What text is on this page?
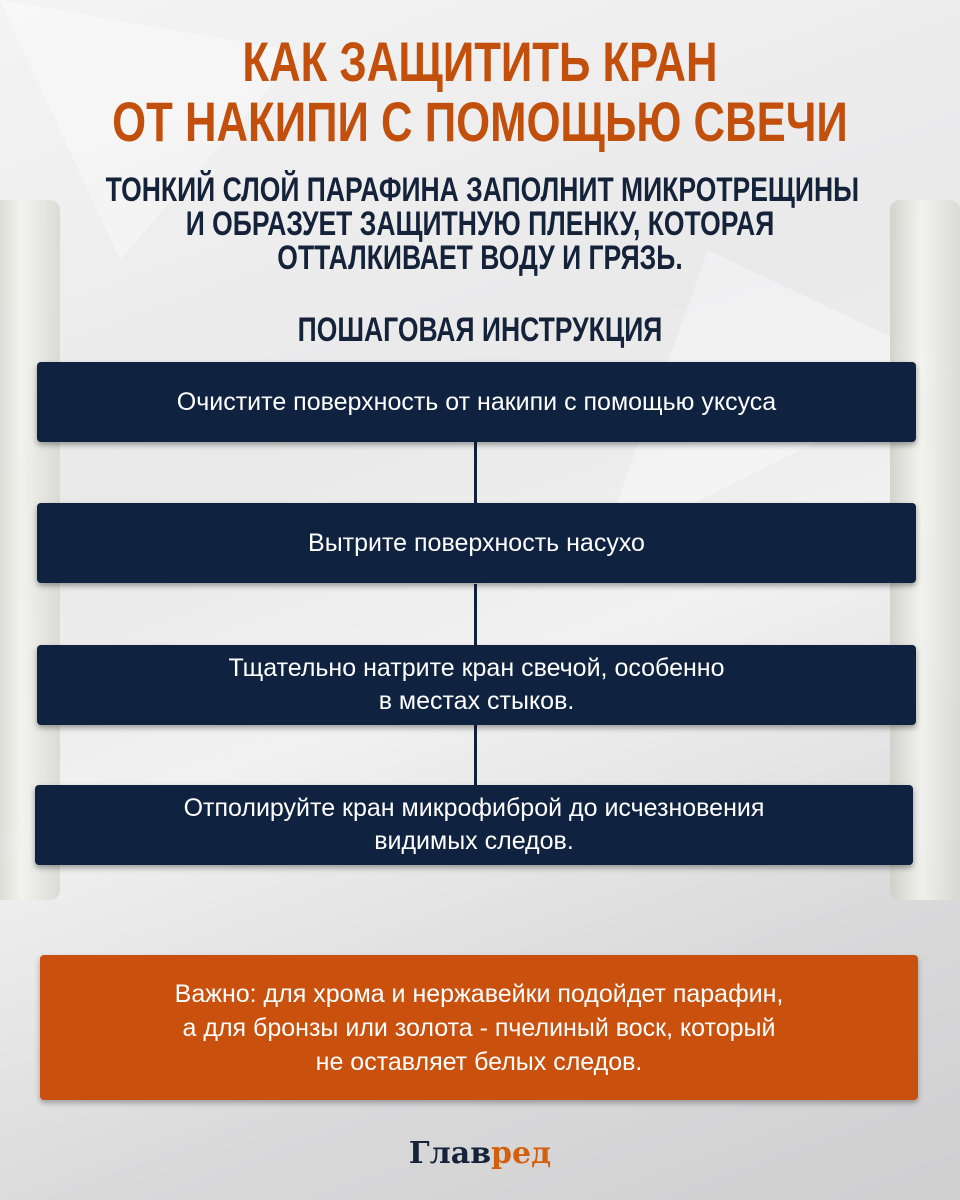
КАК ЗАЩИТИТЬ КРАН
ОТ НАКИПИ С ПОМОЩЬЮ СВЕЧИ
ТОНКИЙ СЛОЙ ПАРАФИНА ЗАПОЛНИТ МИКРОТРЕЩИНЫ
И ОБРАЗУЕТ ЗАЩИТНУЮ ПЛЕНКУ, КОТОРАЯ
ОТТАЛКИВАЕТ ВОДУ И ГРЯЗЬ.
ПОШАГОВАЯ ИНСТРУКЦИЯ
Очистите поверхность от накипи с помощью уксуса
Вытрите поверхность насухо
Тщательно натрите кран свечой, особенно
в местах стыков.
Отполируйте кран микрофиброй до исчезновения
видимых следов.
Важно: для хрома и нержавейки подойдет парафин,
а для бронзы или золота - пчелиный воск, который
не оставляет белых следов.
Главред
